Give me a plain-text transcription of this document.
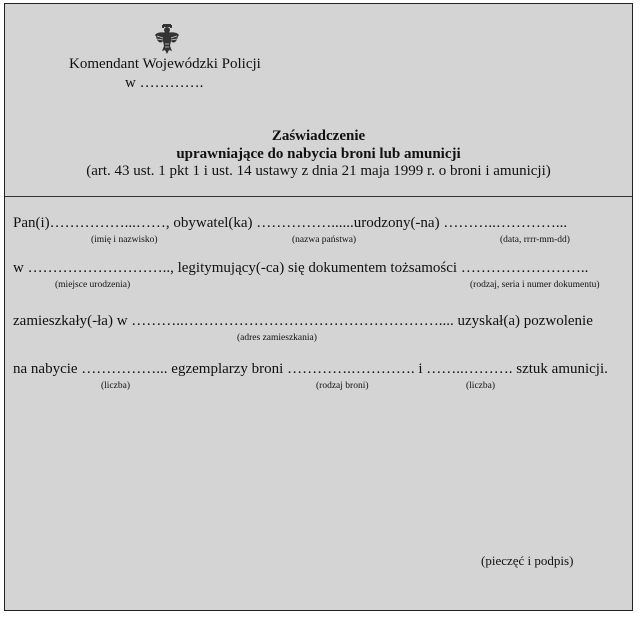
Komendant Wojewódzki Policji
w ………….
Zaświadczenie
uprawniające do nabycia broni lub amunicji
(art. 43 ust. 1 pkt 1 i ust. 14 ustawy z dnia 21 maja 1999 r. o broni i amunicji)
Pan(i)……………...……, obywatel(ka) ……………......urodzony(-na) ………..…………...
(imię i nazwisko)	(nazwa państwa)	(data, rrrr-mm-dd)
w ……………………….., legitymujący(-ca) się dokumentem tożsamości ……………………..
(miejsce urodzenia)	(rodzaj, seria i numer dokumentu)
zamieszkały(-ła) w ………..…………………………………………….... uzyskał(a) pozwolenie
(adres zamieszkania)
na nabycie ……………... egzemplarzy broni ………….…………. i ……..………. sztuk amunicji.
(liczba)	(rodzaj broni)	(liczba)
(pieczęć i podpis)
